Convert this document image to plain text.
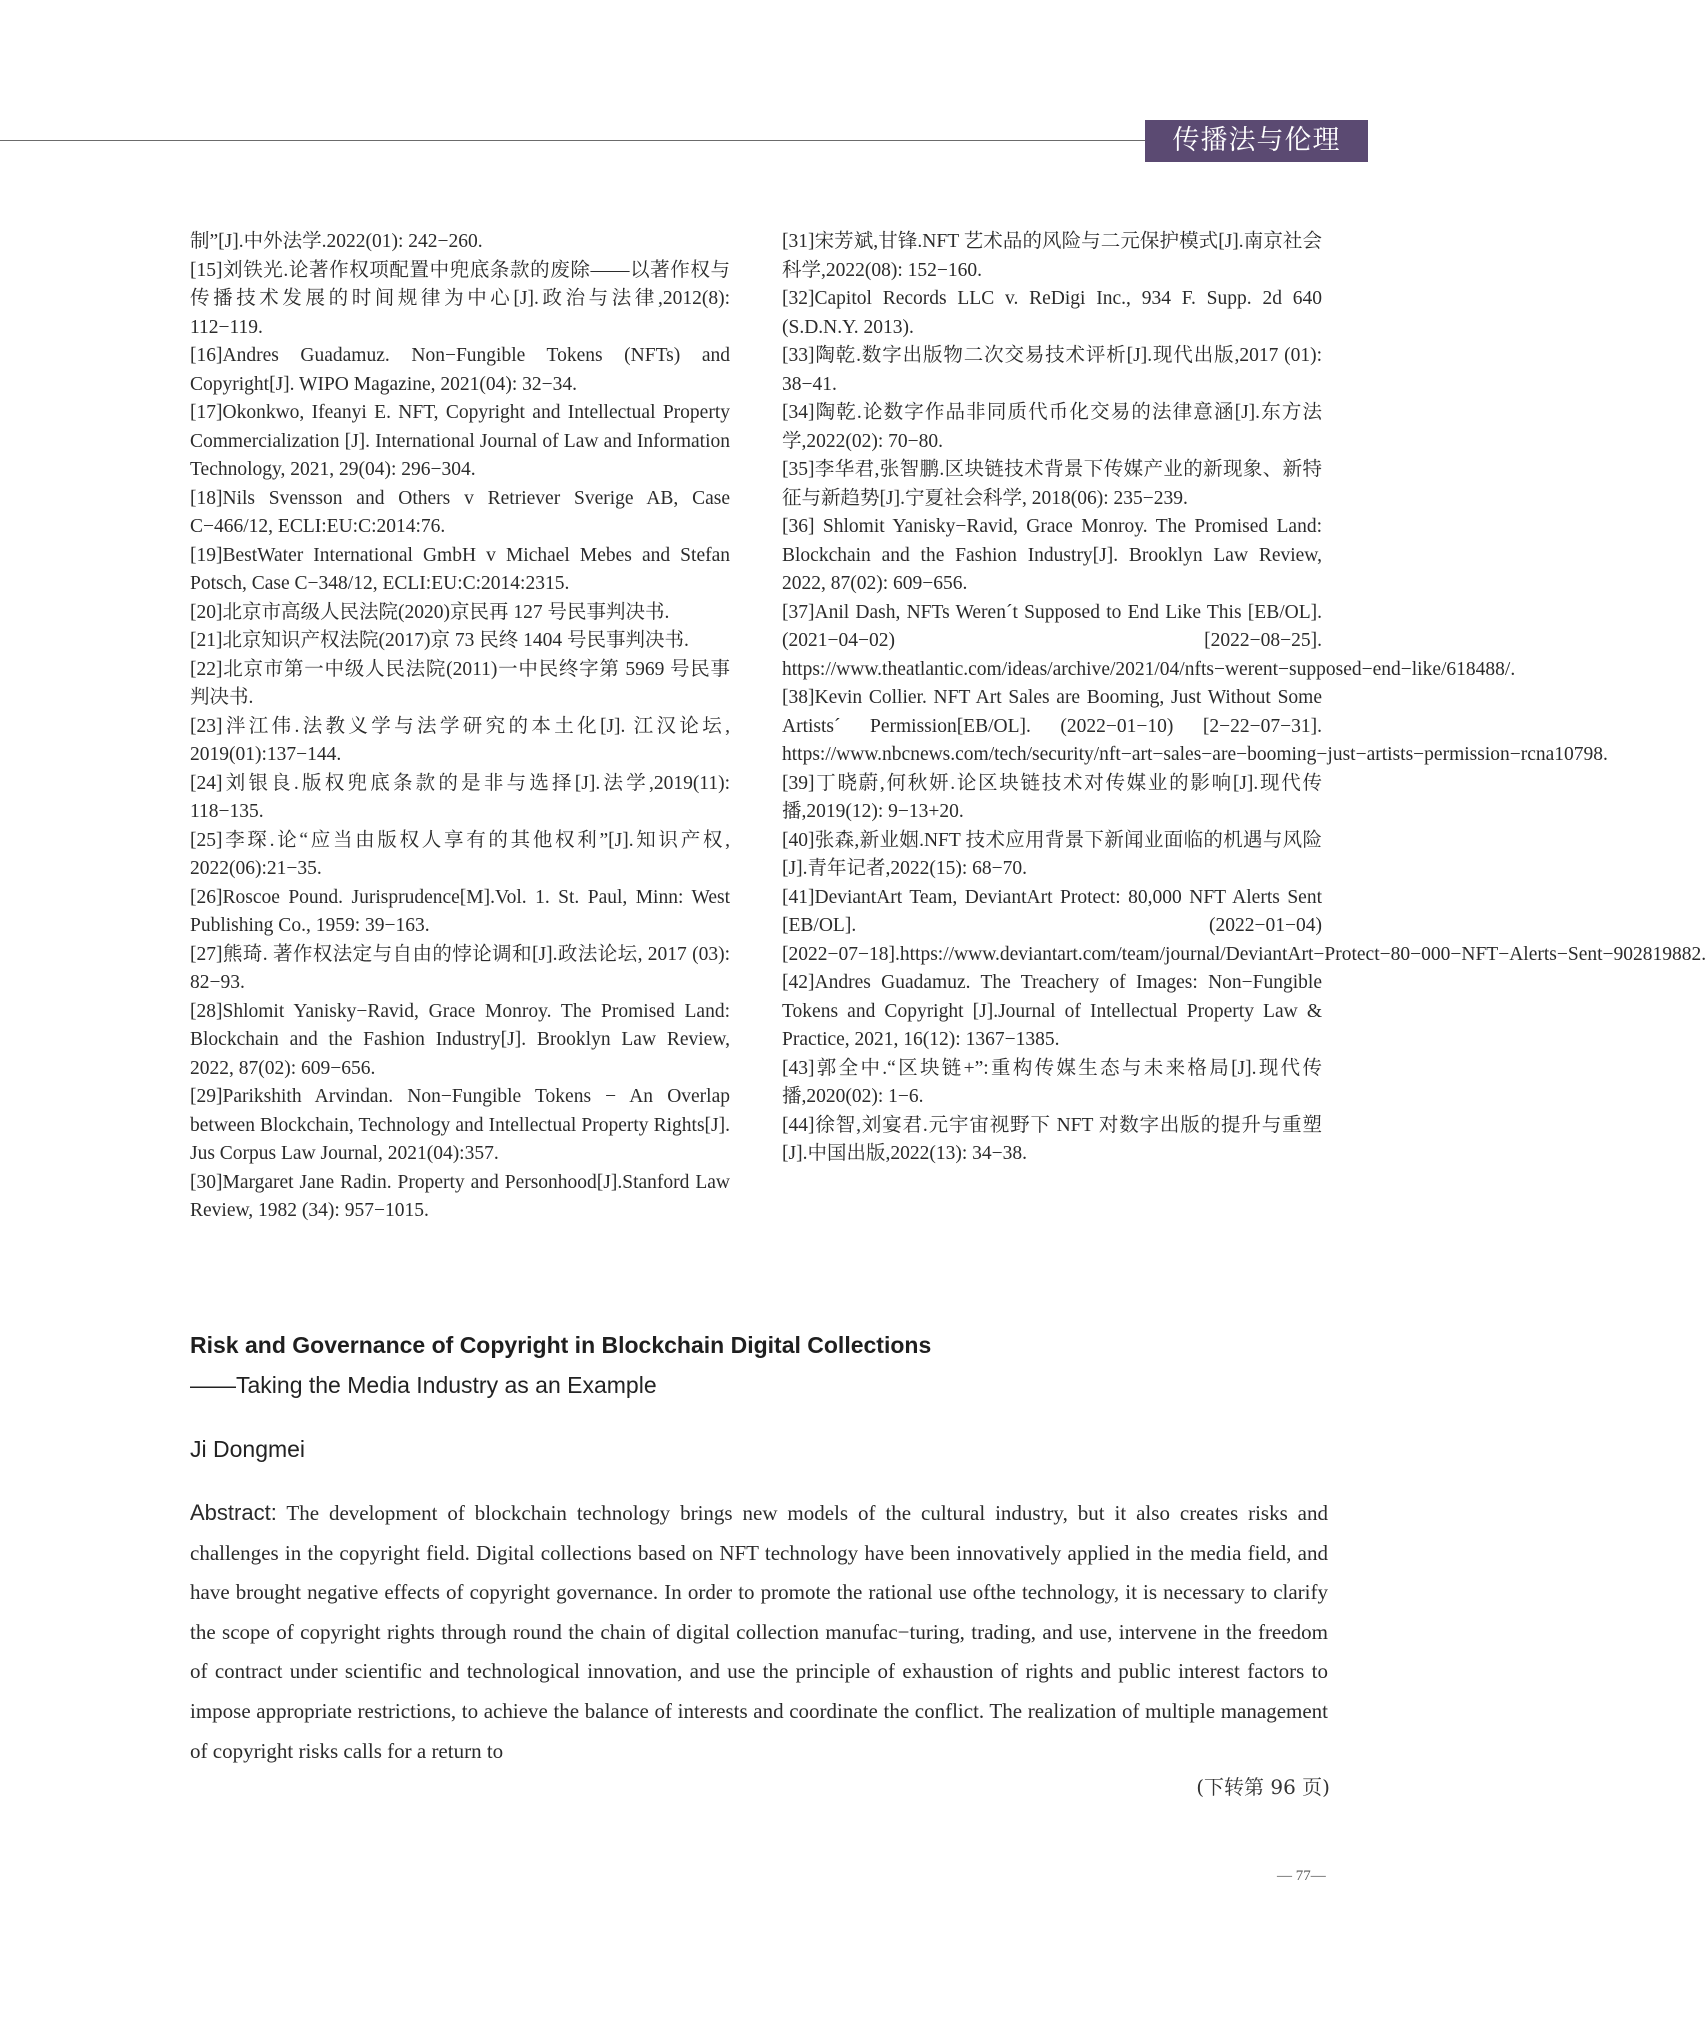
传播法与伦理

制”[J].中外法学.2022(01): 242−260.

[15]刘铁光.论著作权项配置中兜底条款的废除——以著作权与传播技术发展的时间规律为中心[J].政治与法律,2012(8): 112−119.

[16]Andres Guadamuz. Non−Fungible Tokens (NFTs) and Copyright[J]. WIPO Magazine, 2021(04): 32−34.

[17]Okonkwo, Ifeanyi E. NFT, Copyright and Intellectual Property Commercialization [J]. International Journal of Law and Information Technology, 2021, 29(04): 296−304.

[18]Nils Svensson and Others v Retriever Sverige AB, Case C−466/12, ECLI:EU:C:2014:76.

[19]BestWater International GmbH v Michael Mebes and Stefan Potsch, Case C−348/12, ECLI:EU:C:2014:2315.

[20]北京市高级人民法院(2020)京民再 127 号民事判决书.

[21]北京知识产权法院(2017)京 73 民终 1404 号民事判决书.

[22]北京市第一中级人民法院(2011)一中民终字第 5969 号民事判决书.

[23]泮江伟.法教义学与法学研究的本土化[J]. 江汉论坛, 2019(01):137−144.

[24]刘银良.版权兜底条款的是非与选择[J].法学,2019(11): 118−135.

[25]李琛.论“应当由版权人享有的其他权利”[J].知识产权, 2022(06):21−35.

[26]Roscoe Pound. Jurisprudence[M].Vol. 1. St. Paul, Minn: West Publishing Co., 1959: 39−163.

[27]熊琦. 著作权法定与自由的悖论调和[J].政法论坛, 2017 (03): 82−93.

[28]Shlomit Yanisky−Ravid, Grace Monroy. The Promised Land: Blockchain and the Fashion Industry[J]. Brooklyn Law Review, 2022, 87(02): 609−656.

[29]Parikshith Arvindan. Non−Fungible Tokens − An Overlap between Blockchain, Technology and Intellectual Property Rights[J]. Jus Corpus Law Journal, 2021(04):357.

[30]Margaret Jane Radin. Property and Personhood[J].Stanford Law Review, 1982 (34): 957−1015.

[31]宋芳斌,甘锋.NFT 艺术品的风险与二元保护模式[J].南京社会科学,2022(08): 152−160.

[32]Capitol Records LLC v. ReDigi Inc., 934 F. Supp. 2d 640 (S.D.N.Y. 2013).

[33]陶乾.数字出版物二次交易技术评析[J].现代出版,2017 (01): 38−41.

[34]陶乾.论数字作品非同质代币化交易的法律意涵[J].东方法学,2022(02): 70−80.

[35]李华君,张智鹏.区块链技术背景下传媒产业的新现象、新特征与新趋势[J].宁夏社会科学, 2018(06): 235−239.

[36] Shlomit Yanisky−Ravid, Grace Monroy. The Promised Land: Blockchain and the Fashion Industry[J]. Brooklyn Law Review, 2022, 87(02): 609−656.

[37]Anil Dash, NFTs Weren´t Supposed to End Like This [EB/OL]. (2021−04−02) [2022−08−25]. https://www.theatlantic.com/ideas/archive/2021/04/nfts−werent−supposed−end−like/618488/.

[38]Kevin Collier. NFT Art Sales are Booming, Just Without Some Artists´ Permission[EB/OL]. (2022−01−10) [2−22−07−31]. https://www.nbcnews.com/tech/security/nft−art−sales−are−booming−just−artists−permission−rcna10798.

[39]丁晓蔚,何秋妍.论区块链技术对传媒业的影响[J].现代传播,2019(12): 9−13+20.

[40]张森,新业姻.NFT 技术应用背景下新闻业面临的机遇与风险[J].青年记者,2022(15): 68−70.

[41]DeviantArt Team, DeviantArt Protect: 80,000 NFT Alerts Sent [EB/OL]. (2022−01−04) [2022−07−18].https://www.deviantart.com/team/journal/DeviantArt−Protect−80−000−NFT−Alerts−Sent−902819882.

[42]Andres Guadamuz. The Treachery of Images: Non−Fungible Tokens and Copyright [J].Journal of Intellectual Property Law & Practice, 2021, 16(12): 1367−1385.

[43]郭全中.“区块链+”:重构传媒生态与未来格局[J].现代传播,2020(02): 1−6.

[44]徐智,刘宴君.元宇宙视野下 NFT 对数字出版的提升与重塑[J].中国出版,2022(13): 34−38.

Risk and Governance of Copyright in Blockchain Digital Collections

——Taking the Media Industry as an Example

Ji Dongmei

Abstract: The development of blockchain technology brings new models of the cultural industry, but it also creates risks and challenges in the copyright field. Digital collections based on NFT technology have been innovatively applied in the media field, and have brought negative effects of copyright governance. In order to promote the rational use ofthe technology, it is necessary to clarify the scope of copyright rights through round the chain of digital collection manufac−turing, trading, and use, intervene in the freedom of contract under scientific and technological innovation, and use the principle of exhaustion of rights and public interest factors to impose appropriate restrictions, to achieve the balance of interests and coordinate the conflict. The realization of multiple management of copyright risks calls for a return to

(下转第 96 页)
— 77—
